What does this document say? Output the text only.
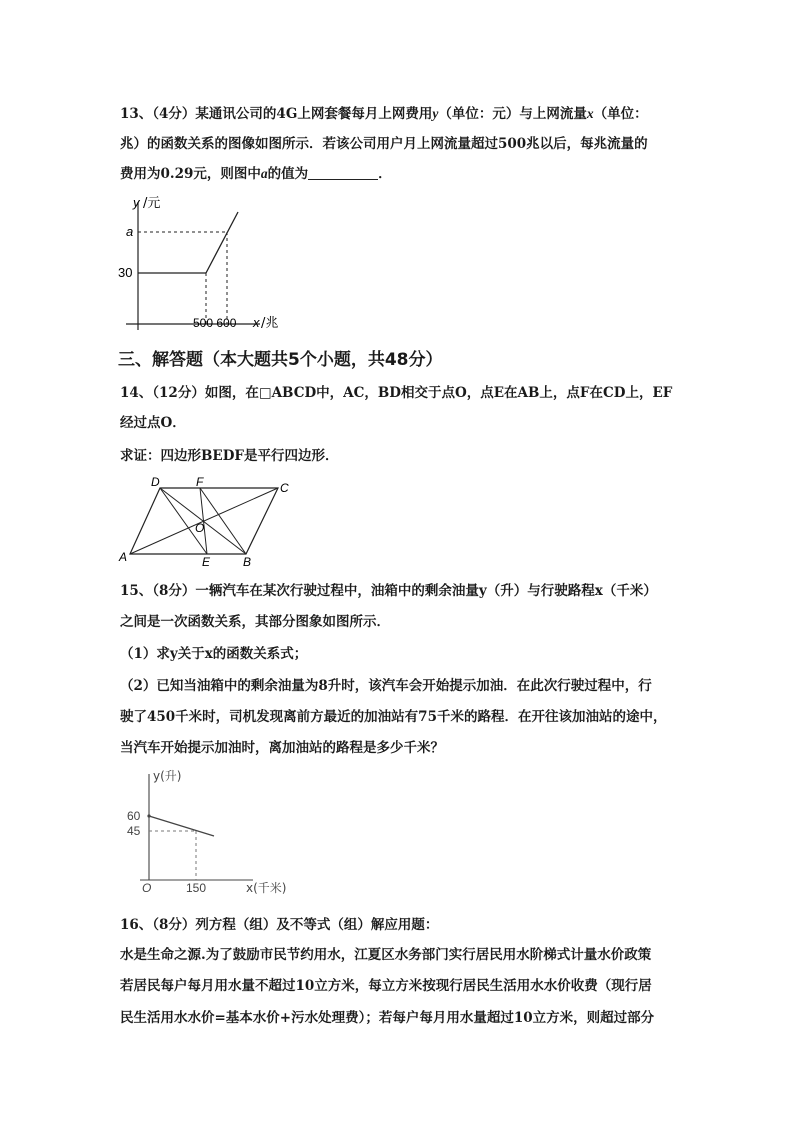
13、（4分）某通讯公司的4G上网套餐每月上网费用y（单位：元）与上网流量x（单位：
兆）的函数关系的图像如图所示．若该公司用户月上网流量超过500兆以后，每兆流量的
费用为0.29元，则图中a的值为	．
y /元
a
30
500 600 x /兆
三、解答题（本大题共5个小题，共48分）
14、（12分）如图，在□ABCD中，AC，BD相交于点O，点E在AB上，点F在CD上，EF
经过点O．
求证：四边形BEDF是平行四边形．
A	B
C
D
E
F
O
15、（8分）一辆汽车在某次行驶过程中，油箱中的剩余油量y（升）与行驶路程x（千米）
之间是一次函数关系，其部分图象如图所示．
（1）求y关于x的函数关系式；
（2）已知当油箱中的剩余油量为8升时，该汽车会开始提示加油．在此次行驶过程中，行
驶了450千米时，司机发现离前方最近的加油站有75千米的路程．在开往该加油站的途中，
当汽车开始提示加油时，离加油站的路程是多少千米？
y(升)
60
45
O	150	x(千米)
16、（8分）列方程（组）及不等式（组）解应用题：
水是生命之源.为了鼓励市民节约用水，江夏区水务部门实行居民用水阶梯式计量水价政策
若居民每户每月用水量不超过10立方米，每立方米按现行居民生活用水水价收费（现行居
民生活用水水价=基本水价+污水处理费）；若每户每月用水量超过10立方米，则超过部分
